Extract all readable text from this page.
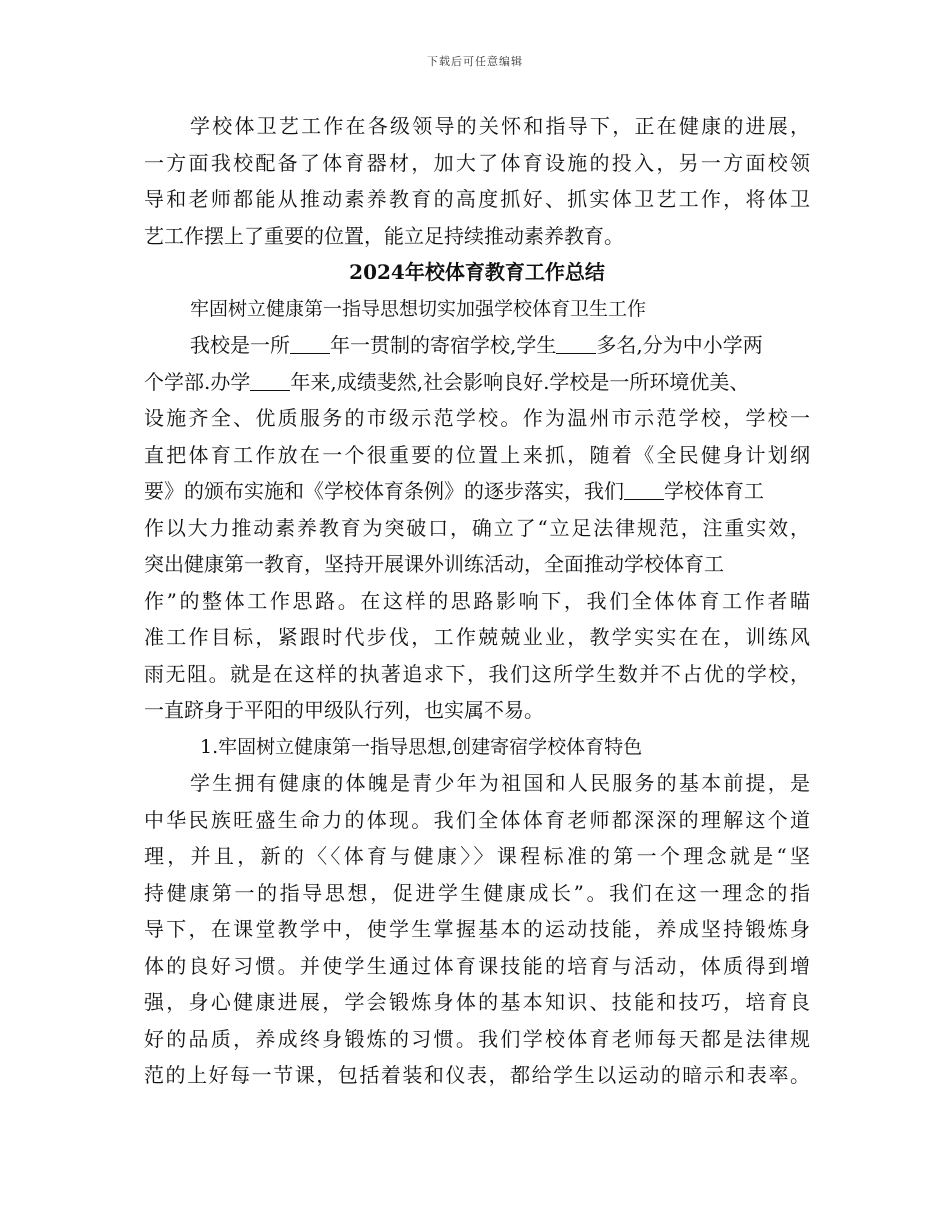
下载后可任意编辑
学校体卫艺工作在各级领导的关怀和指导下，正在健康的进展，
一方面我校配备了体育器材，加大了体育设施的投入，另一方面校领
导和老师都能从推动素养教育的高度抓好、抓实体卫艺工作，将体卫
艺工作摆上了重要的位置，能立足持续推动素养教育。
2024年校体育教育工作总结
牢固树立健康第一指导思想切实加强学校体育卫生工作
我校是一所 年一贯制的寄宿学校,学生 多名,分为中小学两
个学部.办学 年来,成绩斐然,社会影响良好.学校是一所环境优美、
设施齐全、优质服务的市级示范学校。作为温州市示范学校，学校一
直把体育工作放在一个很重要的位置上来抓，随着《全民健身计划纲
要》的颁布实施和《学校体育条例》的逐步落实，我们 学校体育工
作以大力推动素养教育为突破口，确立了“立足法律规范，注重实效，
突出健康第一教育，坚持开展课外训练活动，全面推动学校体育工
作”的整体工作思路。在这样的思路影响下，我们全体体育工作者瞄
准工作目标，紧跟时代步伐，工作兢兢业业，教学实实在在，训练风
雨无阻。就是在这样的执著追求下，我们这所学生数并不占优的学校，
一直跻身于平阳的甲级队行列，也实属不易。
1.牢固树立健康第一指导思想,创建寄宿学校体育特色
学生拥有健康的体魄是青少年为祖国和人民服务的基本前提，是
中华民族旺盛生命力的体现。我们全体体育老师都深深的理解这个道
理，并且，新的〈〈体育与健康〉〉课程标准的第一个理念就是“坚
持健康第一的指导思想，促进学生健康成长”。我们在这一理念的指
导下，在课堂教学中，使学生掌握基本的运动技能，养成坚持锻炼身
体的良好习惯。并使学生通过体育课技能的培育与活动，体质得到增
强，身心健康进展，学会锻炼身体的基本知识、技能和技巧，培育良
好的品质，养成终身锻炼的习惯。我们学校体育老师每天都是法律规
范的上好每一节课，包括着装和仪表，都给学生以运动的暗示和表率。
